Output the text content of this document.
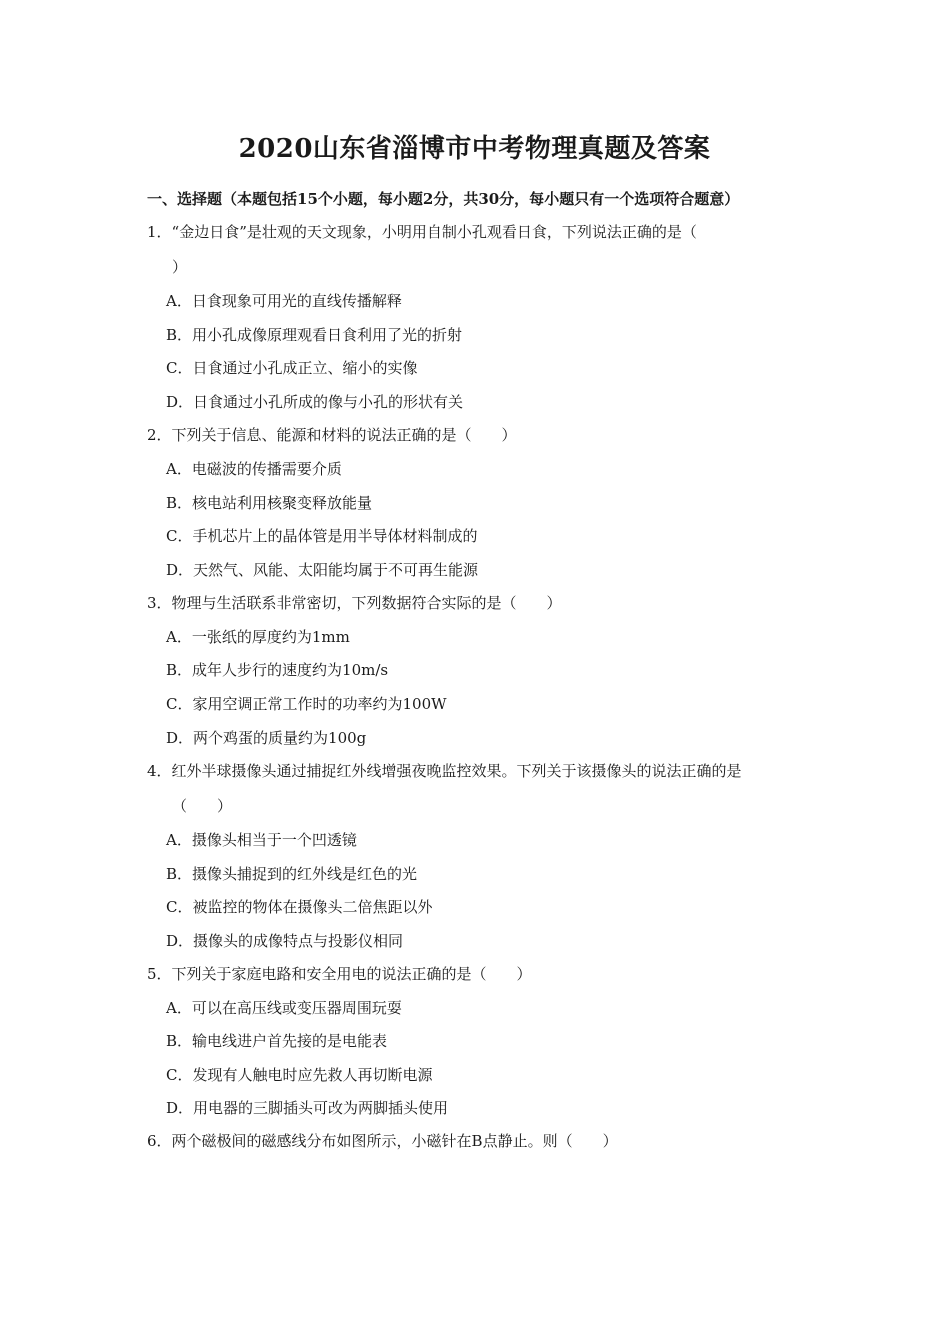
2020山东省淄博市中考物理真题及答案

一、选择题（本题包括15个小题，每小题2分，共30分，每小题只有一个选项符合题意）

1．“金边日食”是壮观的天文现象，小明用自制小孔观看日食，下列说法正确的是（

）

A．日食现象可用光的直线传播解释

B．用小孔成像原理观看日食利用了光的折射

C．日食通过小孔成正立、缩小的实像

D．日食通过小孔所成的像与小孔的形状有关

2．下列关于信息、能源和材料的说法正确的是（　　）

A．电磁波的传播需要介质

B．核电站利用核聚变释放能量

C．手机芯片上的晶体管是用半导体材料制成的

D．天然气、风能、太阳能均属于不可再生能源

3．物理与生活联系非常密切，下列数据符合实际的是（　　）

A．一张纸的厚度约为1mm

B．成年人步行的速度约为10m/s

C．家用空调正常工作时的功率约为100W

D．两个鸡蛋的质量约为100g

4．红外半球摄像头通过捕捉红外线增强夜晚监控效果。下列关于该摄像头的说法正确的是

（　　）

A．摄像头相当于一个凹透镜

B．摄像头捕捉到的红外线是红色的光

C．被监控的物体在摄像头二倍焦距以外

D．摄像头的成像特点与投影仪相同

5．下列关于家庭电路和安全用电的说法正确的是（　　）

A．可以在高压线或变压器周围玩耍

B．输电线进户首先接的是电能表

C．发现有人触电时应先救人再切断电源

D．用电器的三脚插头可改为两脚插头使用

6．两个磁极间的磁感线分布如图所示，小磁针在B点静止。则（　　）
